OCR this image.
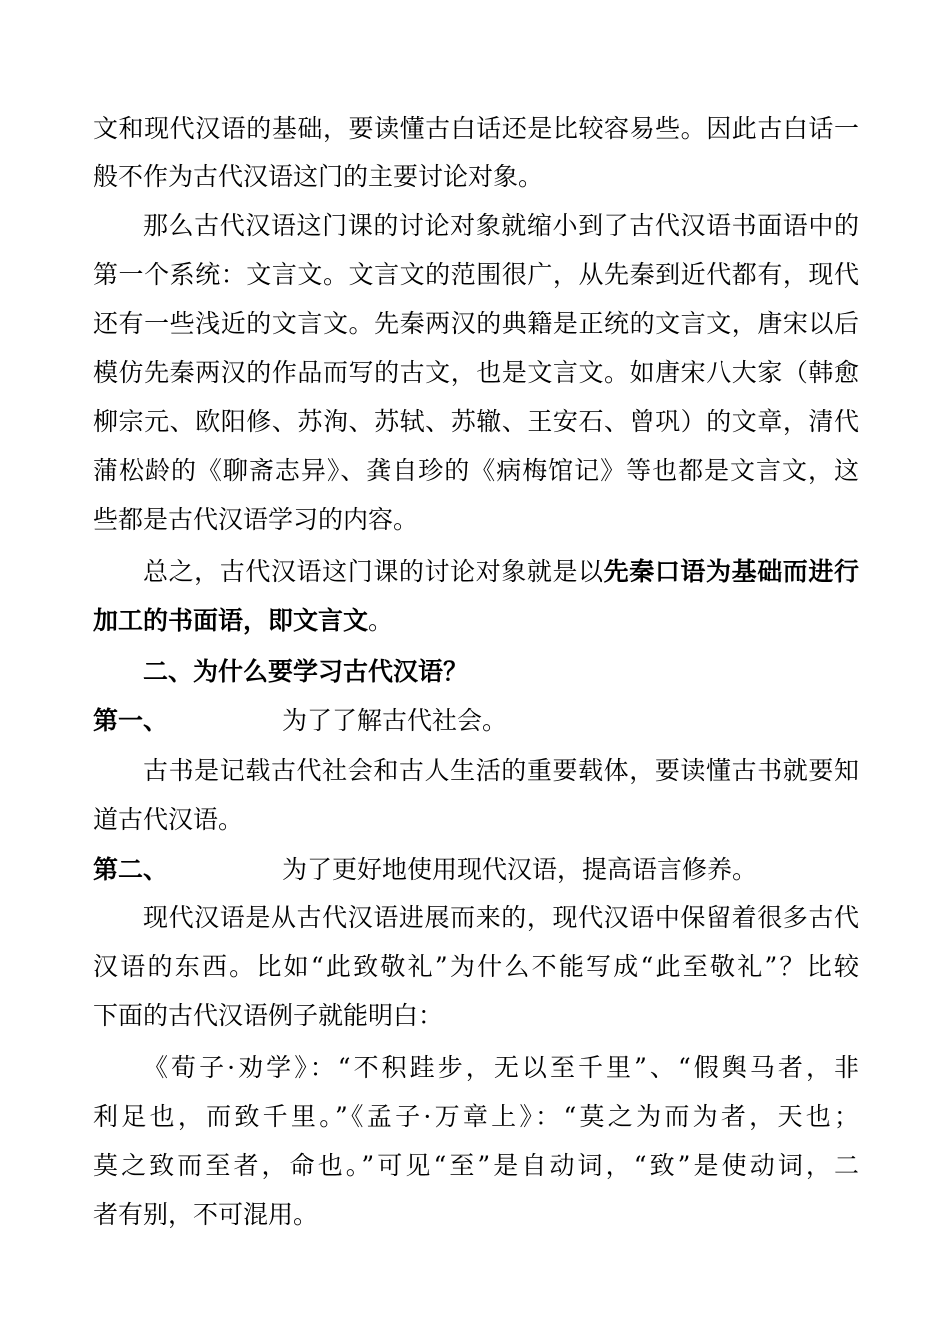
文和现代汉语的基础，要读懂古白话还是比较容易些。因此古白话一
般不作为古代汉语这门的主要讨论对象。
那么古代汉语这门课的讨论对象就缩小到了古代汉语书面语中的
第一个系统：文言文。文言文的范围很广，从先秦到近代都有，现代
还有一些浅近的文言文。先秦两汉的典籍是正统的文言文，唐宋以后
模仿先秦两汉的作品而写的古文，也是文言文。如唐宋八大家（韩愈
柳宗元、欧阳修、苏洵、苏轼、苏辙、王安石、曾巩）的文章，清代
蒲松龄的《聊斋志异》、龚自珍的《病梅馆记》等也都是文言文，这
些都是古代汉语学习的内容。
总之，古代汉语这门课的讨论对象就是以先秦口语为基础而进行
加工的书面语，即文言文。
二、为什么要学习古代汉语？
第一、	为了了解古代社会。
古书是记载古代社会和古人生活的重要载体，要读懂古书就要知
道古代汉语。
第二、	为了更好地使用现代汉语，提高语言修养。
现代汉语是从古代汉语进展而来的，现代汉语中保留着很多古代
汉语的东西。比如“此致敬礼”为什么不能写成“此至敬礼”？比较
下面的古代汉语例子就能明白：
《荀子·劝学》：“不积跬步，无以至千里”、“假舆马者，非
利足也，而致千里。”《孟子·万章上》：“莫之为而为者，天也；
莫之致而至者，命也。”可见“至”是自动词，“致”是使动词，二
者有别，不可混用。
